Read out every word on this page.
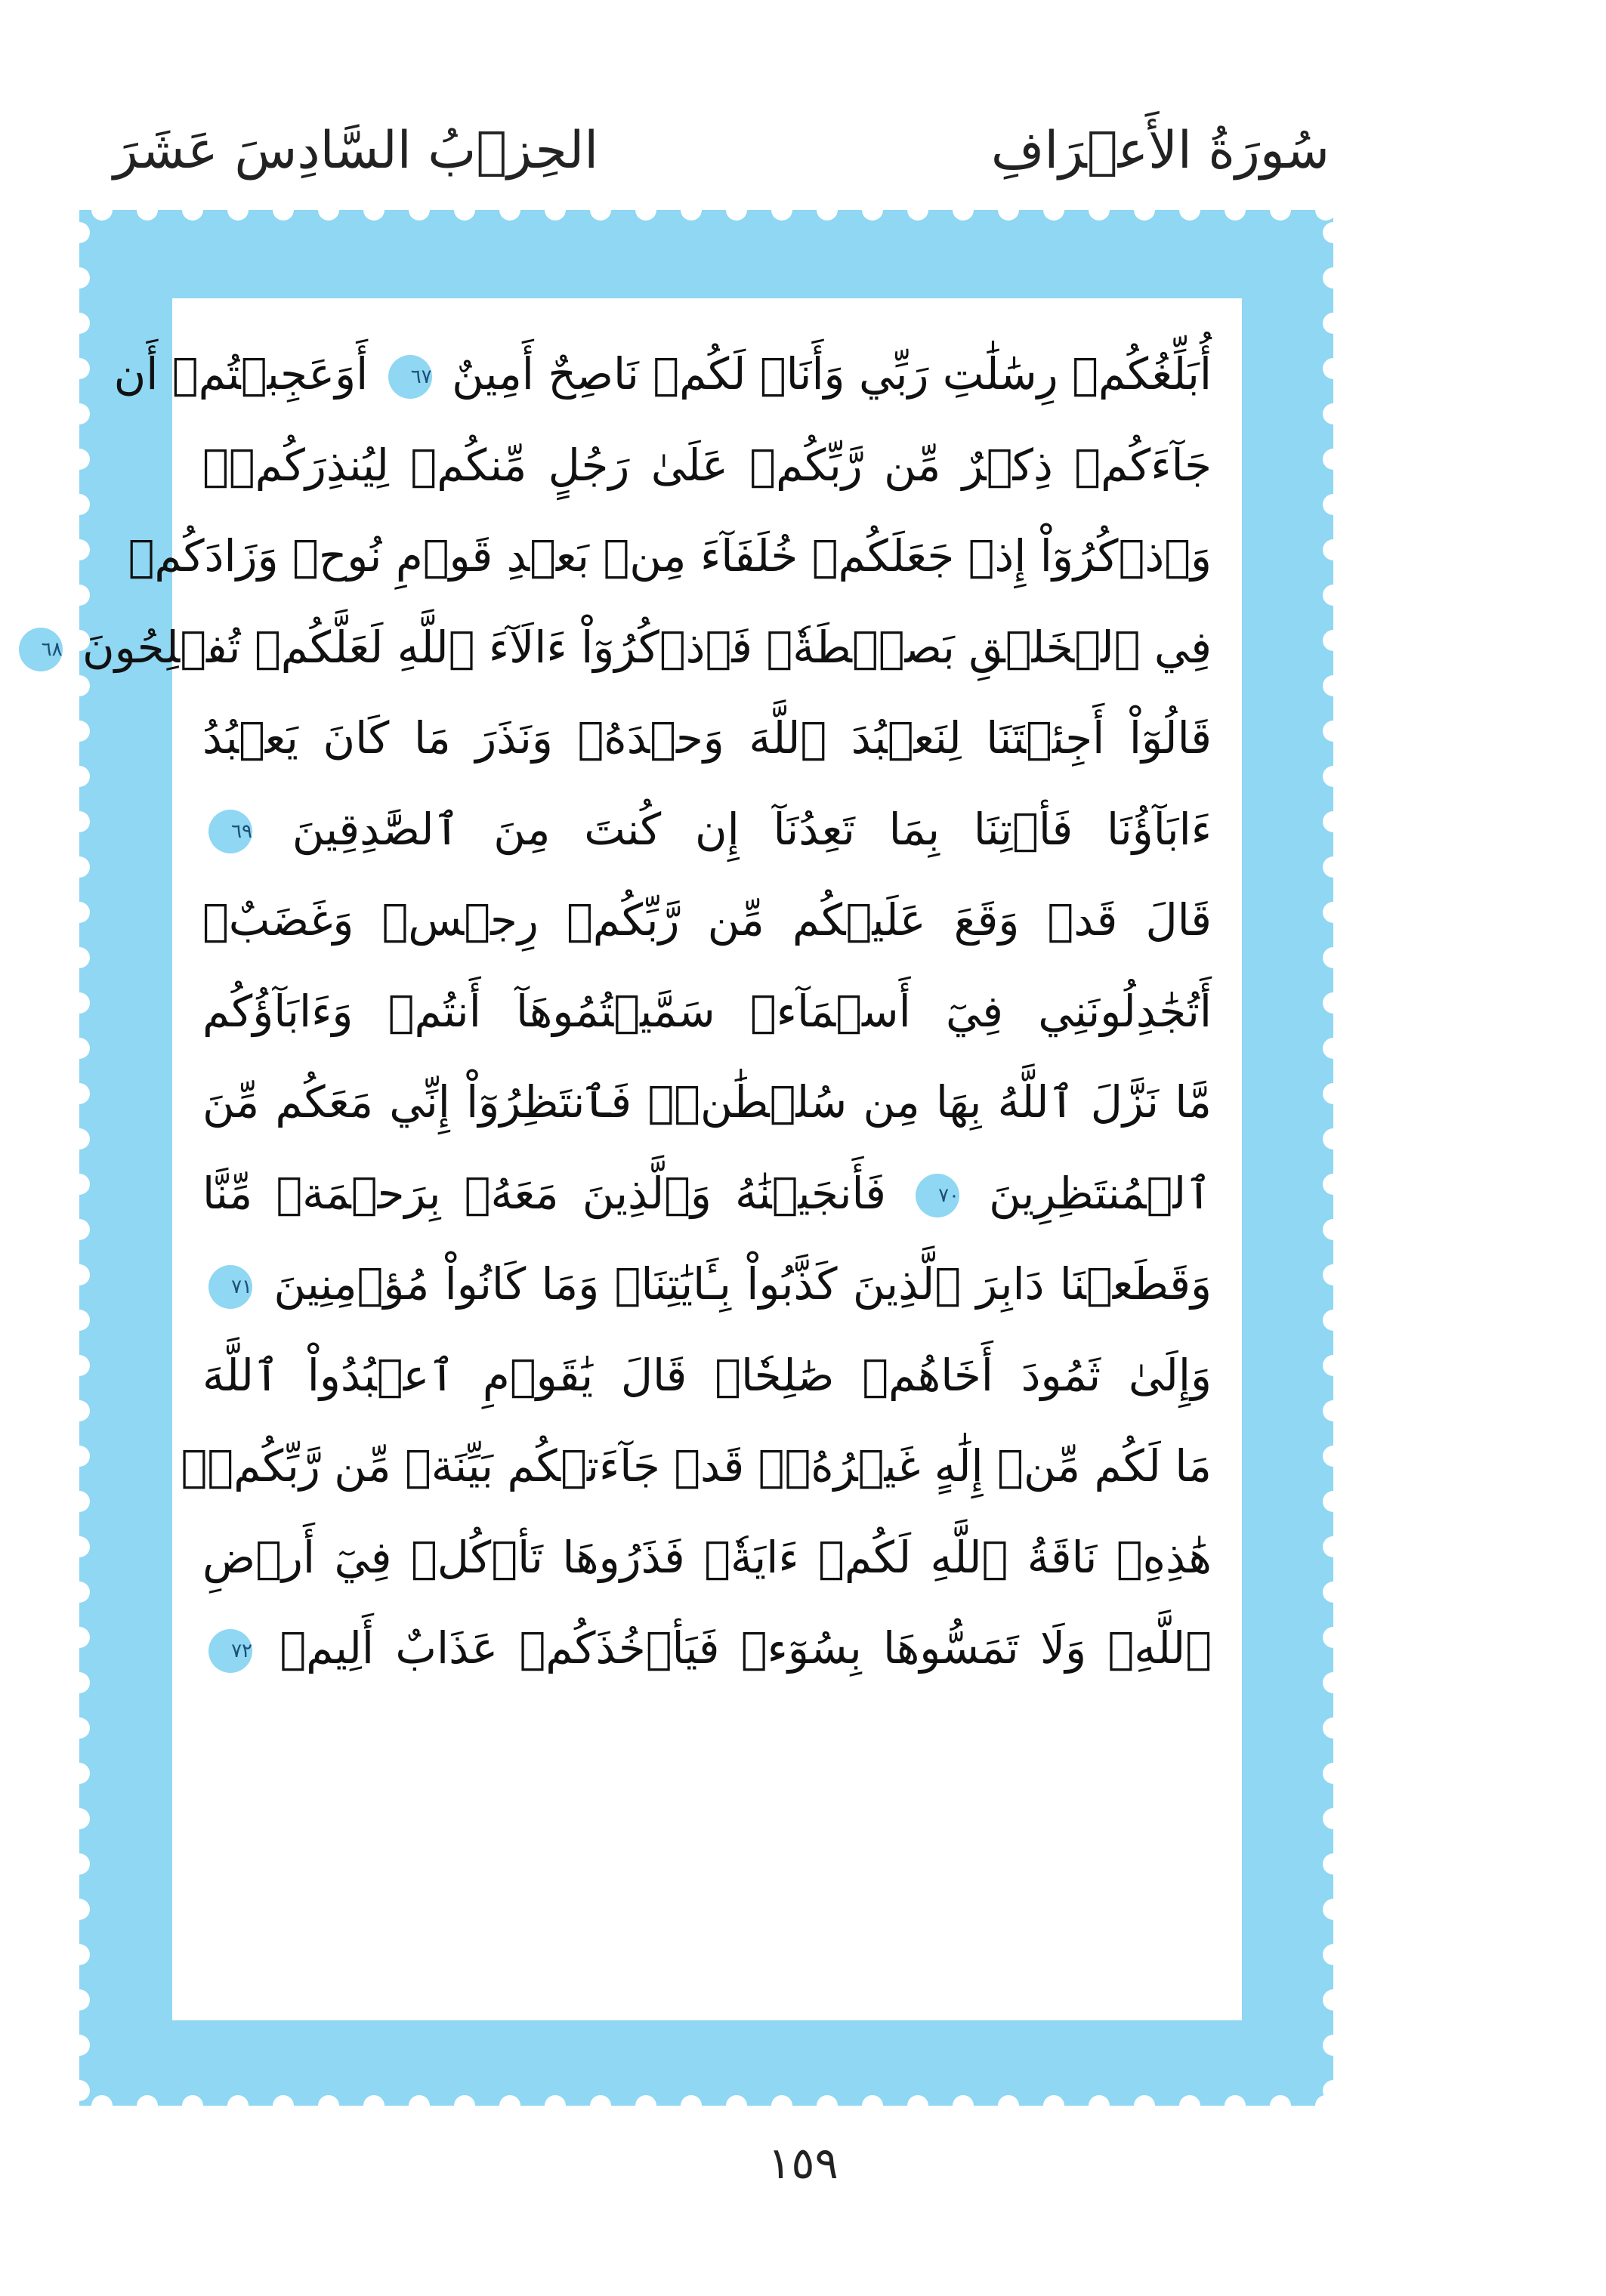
سُورَةُ الأَعۡرَافِ
الحِزۡبُ السَّادِسَ عَشَرَ
أُبَلِّغُكُمۡ رِسَٰلَٰتِ رَبِّي وَأَنَا۠ لَكُمۡ نَاصِحٌ أَمِينٌ ٦٧ أَوَعَجِبۡتُمۡ أَن
جَآءَكُمۡ ذِكۡرٌ مِّن رَّبِّكُمۡ عَلَىٰ رَجُلٍ مِّنكُمۡ لِيُنذِرَكُمۡۚ
وَٱذۡكُرُوٓاْ إِذۡ جَعَلَكُمۡ خُلَفَآءَ مِنۢ بَعۡدِ قَوۡمِ نُوحٖ وَزَادَكُمۡ
فِي ٱلۡخَلۡقِ بَصۜۡطَةٗۖ فَٱذۡكُرُوٓاْ ءَالَآءَ ٱللَّهِ لَعَلَّكُمۡ تُفۡلِحُونَ ٦٨
قَالُوٓاْ أَجِئۡتَنَا لِنَعۡبُدَ ٱللَّهَ وَحۡدَهُۥ وَنَذَرَ مَا كَانَ يَعۡبُدُ
ءَابَآؤُنَا فَأۡتِنَا بِمَا تَعِدُنَآ إِن كُنتَ مِنَ ٱلصَّٰدِقِينَ ٦٩
قَالَ قَدۡ وَقَعَ عَلَيۡكُم مِّن رَّبِّكُمۡ رِجۡسٞ وَغَضَبٌۖ
أَتُجَٰدِلُونَنِي فِيٓ أَسۡمَآءٖ سَمَّيۡتُمُوهَآ أَنتُمۡ وَءَابَآؤُكُم
مَّا نَزَّلَ ٱللَّهُ بِهَا مِن سُلۡطَٰنٖۚ فَٱنتَظِرُوٓاْ إِنِّي مَعَكُم مِّنَ
ٱلۡمُنتَظِرِينَ ٧٠ فَأَنجَيۡنَٰهُ وَٱلَّذِينَ مَعَهُۥ بِرَحۡمَةٖ مِّنَّا
وَقَطَعۡنَا دَابِرَ ٱلَّذِينَ كَذَّبُواْ بِـَٔايَٰتِنَاۖ وَمَا كَانُواْ مُؤۡمِنِينَ ٧١
وَإِلَىٰ ثَمُودَ أَخَاهُمۡ صَٰلِحٗاۗ قَالَ يَٰقَوۡمِ ٱعۡبُدُواْ ٱللَّهَ
مَا لَكُم مِّنۡ إِلَٰهٍ غَيۡرُهُۥۖ قَدۡ جَآءَتۡكُم بَيِّنَةٞ مِّن رَّبِّكُمۡۖ
هَٰذِهِۦ نَاقَةُ ٱللَّهِ لَكُمۡ ءَايَةٗۖ فَذَرُوهَا تَأۡكُلۡ فِيٓ أَرۡضِ
ٱللَّهِۖ وَلَا تَمَسُّوهَا بِسُوٓءٖ فَيَأۡخُذَكُمۡ عَذَابٌ أَلِيمٞ ٧٢
١٥٩
